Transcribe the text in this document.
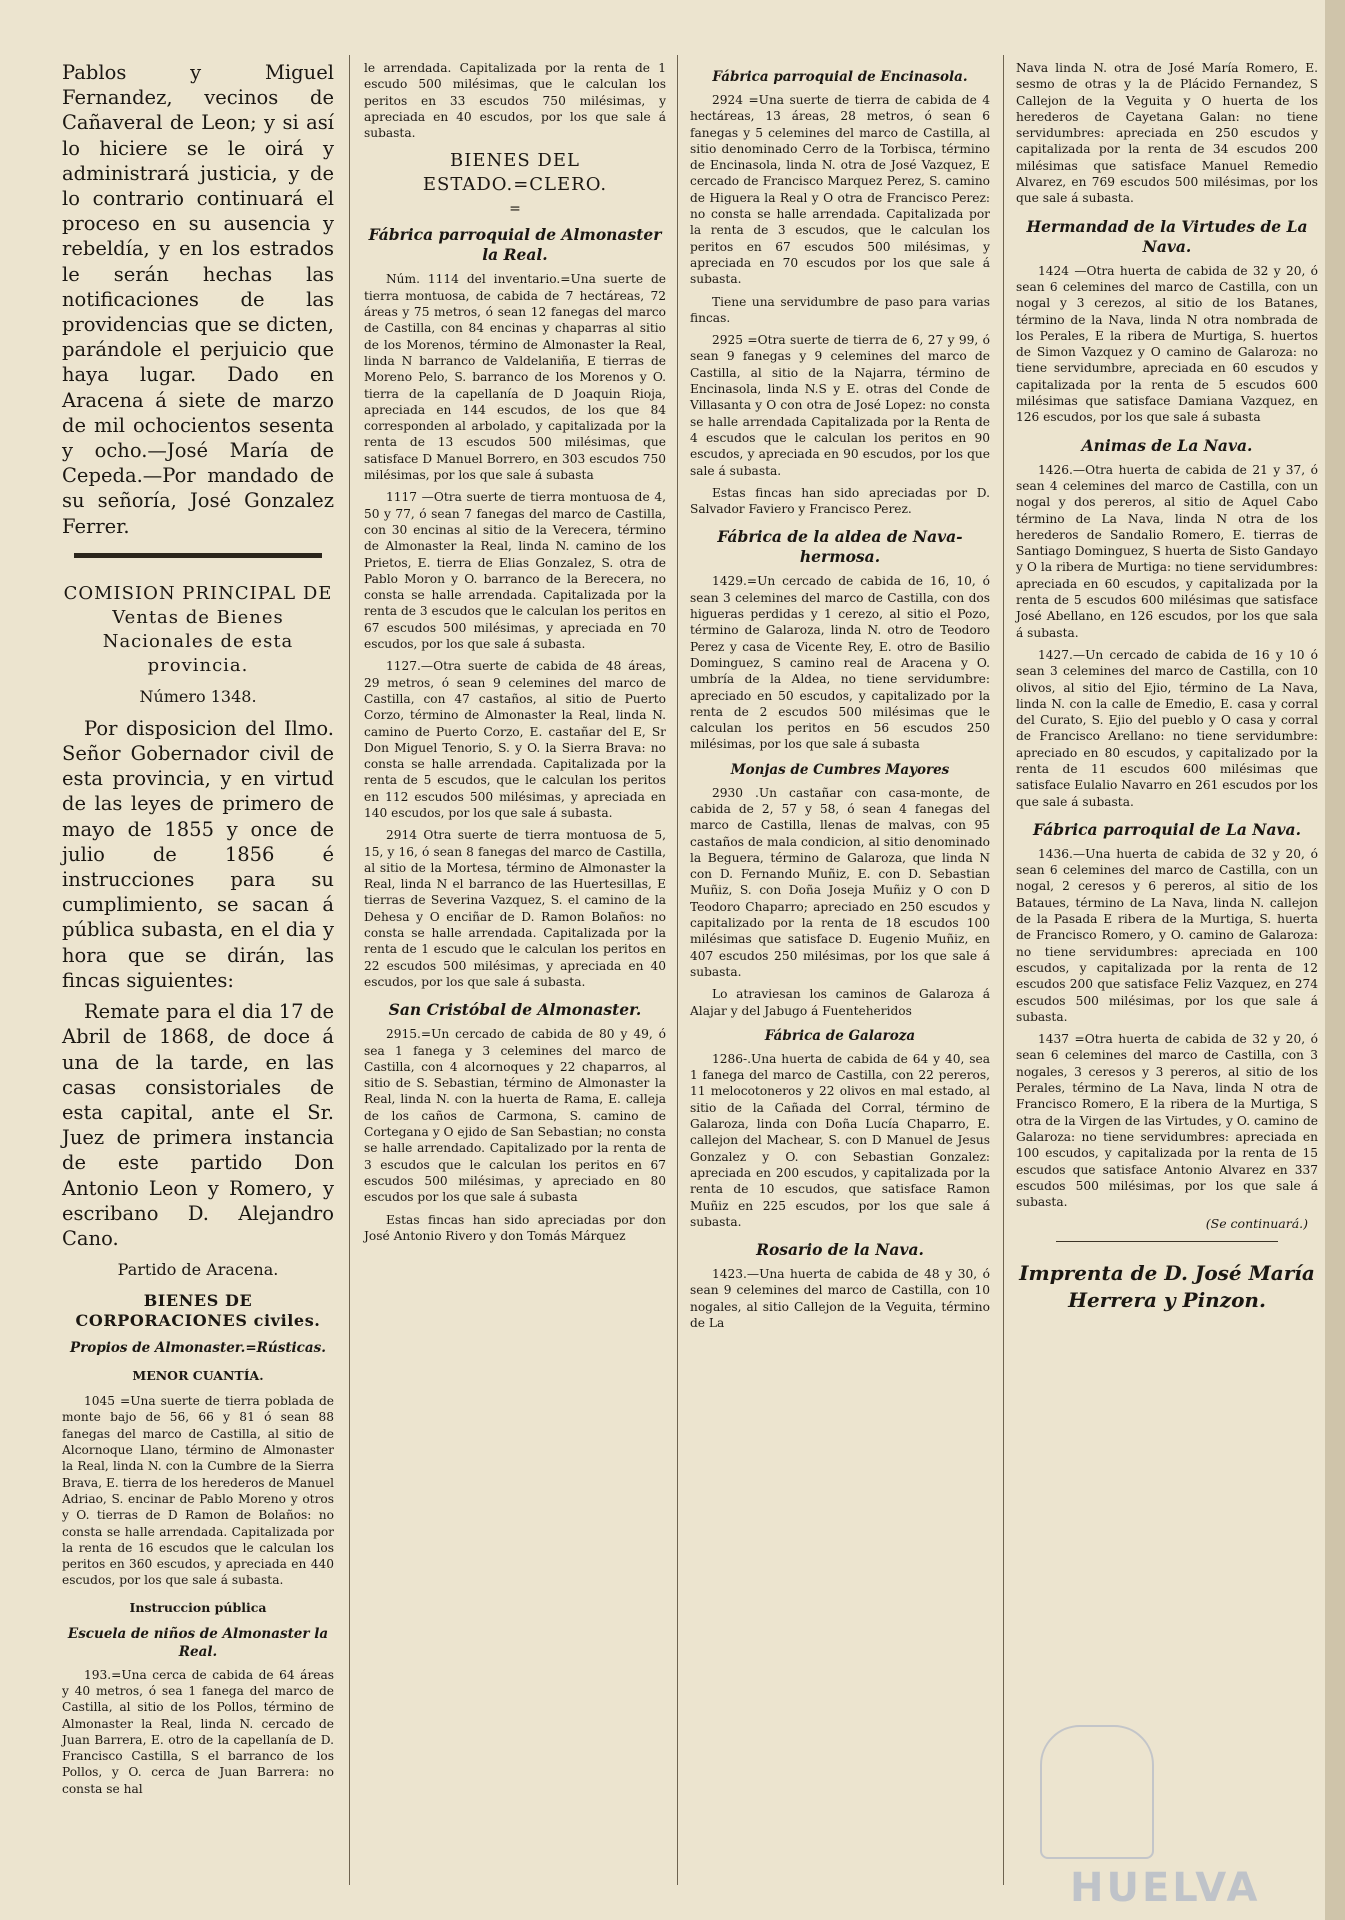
Pablos y Miguel Fernandez, vecinos de Cañaveral de Leon; y si así lo hiciere se le oirá y administrará justicia, y de lo contrario continuará el proceso en su ausencia y rebeldía, y en los estrados le serán hechas las notificaciones de las providencias que se dicten, parándole el perjuicio que haya lugar. Dado en Aracena á siete de marzo de mil ochocientos sesenta y ocho.—José María de Cepeda.—Por mandado de su señoría, José Gonzalez Ferrer.

COMISION PRINCIPAL DE Ventas de Bienes Nacionales de esta provincia.
Número 1348.

Por disposicion del Ilmo. Señor Gobernador civil de esta provincia, y en virtud de las leyes de primero de mayo de 1855 y once de julio de 1856 é instrucciones para su cumplimiento, se sacan á pública subasta, en el dia y hora que se dirán, las fincas siguientes:

Remate para el dia 17 de Abril de 1868, de doce á una de la tarde, en las casas consistoriales de esta capital, ante el Sr. Juez de primera instancia de este partido Don Antonio Leon y Romero, y escribano D. Alejandro Cano.

Partido de Aracena.
BIENES DE CORPORACIONES civiles.
Propios de Almonaster.=Rústicas.
MENOR CUANTÍA.

1045 =Una suerte de tierra poblada de monte bajo de 56, 66 y 81 ó sean 88 fanegas del marco de Castilla, al sitio de Alcornoque Llano, término de Almonaster la Real, linda N. con la Cumbre de la Sierra Brava, E. tierra de los herederos de Manuel Adriao, S. encinar de Pablo Moreno y otros y O. tierras de D Ramon de Bolaños: no consta se halle arrendada. Capitalizada por la renta de 16 escudos que le calculan los peritos en 360 escudos, y apreciada en 440 escudos, por los que sale á subasta.

Instruccion pública
Escuela de niños de Almonaster la Real.

193.=Una cerca de cabida de 64 áreas y 40 metros, ó sea 1 fanega del marco de Castilla, al sitio de los Pollos, término de Almonaster la Real, linda N. cercado de Juan Barrera, E. otro de la capellanía de D. Francisco Castilla, S el barranco de los Pollos, y O. cerca de Juan Barrera: no consta se hal

le arrendada. Capitalizada por la renta de 1 escudo 500 milésimas, que le calculan los peritos en 33 escudos 750 milésimas, y apreciada en 40 escudos, por los que sale á subasta.

BIENES DEL ESTADO.=CLERO.
=
Fábrica parroquial de Almonaster la Real.

Núm. 1114 del inventario.=Una suerte de tierra montuosa, de cabida de 7 hectáreas, 72 áreas y 75 metros, ó sean 12 fanegas del marco de Castilla, con 84 encinas y chaparras al sitio de los Morenos, término de Almonaster la Real, linda N barranco de Valdelaniña, E tierras de Moreno Pelo, S. barranco de los Morenos y O. tierra de la capellanía de D Joaquin Rioja, apreciada en 144 escudos, de los que 84 corresponden al arbolado, y capitalizada por la renta de 13 escudos 500 milésimas, que satisface D Manuel Borrero, en 303 escudos 750 milésimas, por los que sale á subasta

1117 —Otra suerte de tierra montuosa de 4, 50 y 77, ó sean 7 fanegas del marco de Castilla, con 30 encinas al sitio de la Verecera, término de Almonaster la Real, linda N. camino de los Prietos, E. tierra de Elias Gonzalez, S. otra de Pablo Moron y O. barranco de la Berecera, no consta se halle arrendada. Capitalizada por la renta de 3 escudos que le calculan los peritos en 67 escudos 500 milésimas, y apreciada en 70 escudos, por los que sale á subasta.

1127.—Otra suerte de cabida de 48 áreas, 29 metros, ó sean 9 celemines del marco de Castilla, con 47 castaños, al sitio de Puerto Corzo, término de Almonaster la Real, linda N. camino de Puerto Corzo, E. castañar del E, Sr Don Miguel Tenorio, S. y O. la Sierra Brava: no consta se halle arrendada. Capitalizada por la renta de 5 escudos, que le calculan los peritos en 112 escudos 500 milésimas, y apreciada en 140 escudos, por los que sale á subasta.

2914 Otra suerte de tierra montuosa de 5, 15, y 16, ó sean 8 fanegas del marco de Castilla, al sitio de la Mortesa, término de Almonaster la Real, linda N el barranco de las Huertesillas, E tierras de Severina Vazquez, S. el camino de la Dehesa y O enciñar de D. Ramon Bolaños: no consta se halle arrendada. Capitalizada por la renta de 1 escudo que le calculan los peritos en 22 escudos 500 milésimas, y apreciada en 40 escudos, por los que sale á subasta.

San Cristóbal de Almonaster.

2915.=Un cercado de cabida de 80 y 49, ó sea 1 fanega y 3 celemines del marco de Castilla, con 4 alcornoques y 22 chaparros, al sitio de S. Sebastian, término de Almonaster la Real, linda N. con la huerta de Rama, E. calleja de los caños de Carmona, S. camino de Cortegana y O ejido de San Sebastian; no consta se halle arrendado. Capitalizado por la renta de 3 escudos que le calculan los peritos en 67 escudos 500 milésimas, y apreciado en 80 escudos por los que sale á subasta

Estas fincas han sido apreciadas por don José Antonio Rivero y don Tomás Márquez

Fábrica parroquial de Encinasola.

2924 =Una suerte de tierra de cabida de 4 hectáreas, 13 áreas, 28 metros, ó sean 6 fanegas y 5 celemines del marco de Castilla, al sitio denominado Cerro de la Torbisca, término de Encinasola, linda N. otra de José Vazquez, E cercado de Francisco Marquez Perez, S. camino de Higuera la Real y O otra de Francisco Perez: no consta se halle arrendada. Capitalizada por la renta de 3 escudos, que le calculan los peritos en 67 escudos 500 milésimas, y apreciada en 70 escudos por los que sale á subasta.

Tiene una servidumbre de paso para varias fincas.

2925 =Otra suerte de tierra de 6, 27 y 99, ó sean 9 fanegas y 9 celemines del marco de Castilla, al sitio de la Najarra, término de Encinasola, linda N.S y E. otras del Conde de Villasanta y O con otra de José Lopez: no consta se halle arrendada Capitalizada por la Renta de 4 escudos que le calculan los peritos en 90 escudos, y apreciada en 90 escudos, por los que sale á subasta.

Estas fincas han sido apreciadas por D. Salvador Faviero y Francisco Perez.

Fábrica de la aldea de Nava-hermosa.

1429.=Un cercado de cabida de 16, 10, ó sean 3 celemines del marco de Castilla, con dos higueras perdidas y 1 cerezo, al sitio el Pozo, término de Galaroza, linda N. otro de Teodoro Perez y casa de Vicente Rey, E. otro de Basilio Dominguez, S camino real de Aracena y O. umbría de la Aldea, no tiene servidumbre: apreciado en 50 escudos, y capitalizado por la renta de 2 escudos 500 milésimas que le calculan los peritos en 56 escudos 250 milésimas, por los que sale á subasta

Monjas de Cumbres Mayores

2930 .Un castañar con casa-monte, de cabida de 2, 57 y 58, ó sean 4 fanegas del marco de Castilla, llenas de malvas, con 95 castaños de mala condicion, al sitio denominado la Beguera, término de Galaroza, que linda N con D. Fernando Muñiz, E. con D. Sebastian Muñiz, S. con Doña Joseja Muñiz y O con D Teodoro Chaparro; apreciado en 250 escudos y capitalizado por la renta de 18 escudos 100 milésimas que satisface D. Eugenio Muñiz, en 407 escudos 250 milésimas, por los que sale á subasta.

Lo atraviesan los caminos de Galaroza á Alajar y del Jabugo á Fuenteheridos

Fábrica de Galaroza

1286-.Una huerta de cabida de 64 y 40, sea 1 fanega del marco de Castilla, con 22 pereros, 11 melocotoneros y 22 olivos en mal estado, al sitio de la Cañada del Corral, término de Galaroza, linda con Doña Lucía Chaparro, E. callejon del Machear, S. con D Manuel de Jesus Gonzalez y O. con Sebastian Gonzalez: apreciada en 200 escudos, y capitalizada por la renta de 10 escudos, que satisface Ramon Muñiz en 225 escudos, por los que sale á subasta.

Rosario de la Nava.

1423.—Una huerta de cabida de 48 y 30, ó sean 9 celemines del marco de Castilla, con 10 nogales, al sitio Callejon de la Veguita, término de La

Nava linda N. otra de José María Romero, E. sesmo de otras y la de Plácido Fernandez, S Callejon de la Veguita y O huerta de los herederos de Cayetana Galan: no tiene servidumbres: apreciada en 250 escudos y capitalizada por la renta de 34 escudos 200 milésimas que satisface Manuel Remedio Alvarez, en 769 escudos 500 milésimas, por los que sale á subasta.

Hermandad de la Virtudes de La Nava.

1424 —Otra huerta de cabida de 32 y 20, ó sean 6 celemines del marco de Castilla, con un nogal y 3 cerezos, al sitio de los Batanes, término de la Nava, linda N otra nombrada de los Perales, E la ribera de Murtiga, S. huertos de Simon Vazquez y O camino de Galaroza: no tiene servidumbre, apreciada en 60 escudos y capitalizada por la renta de 5 escudos 600 milésimas que satisface Damiana Vazquez, en 126 escudos, por los que sale á subasta

Animas de La Nava.

1426.—Otra huerta de cabida de 21 y 37, ó sean 4 celemines del marco de Castilla, con un nogal y dos pereros, al sitio de Aquel Cabo término de La Nava, linda N otra de los herederos de Sandalio Romero, E. tierras de Santiago Dominguez, S huerta de Sisto Gandayo y O la ribera de Murtiga: no tiene servidumbres: apreciada en 60 escudos, y capitalizada por la renta de 5 escudos 600 milésimas que satisface José Abellano, en 126 escudos, por los que sala á subasta.

1427.—Un cercado de cabida de 16 y 10 ó sean 3 celemines del marco de Castilla, con 10 olivos, al sitio del Ejio, término de La Nava, linda N. con la calle de Emedio, E. casa y corral del Curato, S. Ejio del pueblo y O casa y corral de Francisco Arellano: no tiene servidumbre: apreciado en 80 escudos, y capitalizado por la renta de 11 escudos 600 milésimas que satisface Eulalio Navarro en 261 escudos por los que sale á subasta.

Fábrica parroquial de La Nava.

1436.—Una huerta de cabida de 32 y 20, ó sean 6 celemines del marco de Castilla, con un nogal, 2 ceresos y 6 pereros, al sitio de los Bataues, término de La Nava, linda N. callejon de la Pasada E ribera de la Murtiga, S. huerta de Francisco Romero, y O. camino de Galaroza: no tiene servidumbres: apreciada en 100 escudos, y capitalizada por la renta de 12 escudos 200 que satisface Feliz Vazquez, en 274 escudos 500 milésimas, por los que sale á subasta.

1437 =Otra huerta de cabida de 32 y 20, ó sean 6 celemines del marco de Castilla, con 3 nogales, 3 ceresos y 3 pereros, al sitio de los Perales, término de La Nava, linda N otra de Francisco Romero, E la ribera de la Murtiga, S otra de la Virgen de las Virtudes, y O. camino de Galaroza: no tiene servidumbres: apreciada en 100 escudos, y capitalizada por la renta de 15 escudos que satisface Antonio Alvarez en 337 escudos 500 milésimas, por los que sale á subasta.

(Se continuará.)
Imprenta de D. José María Herrera y Pinzon.
HUELVA
